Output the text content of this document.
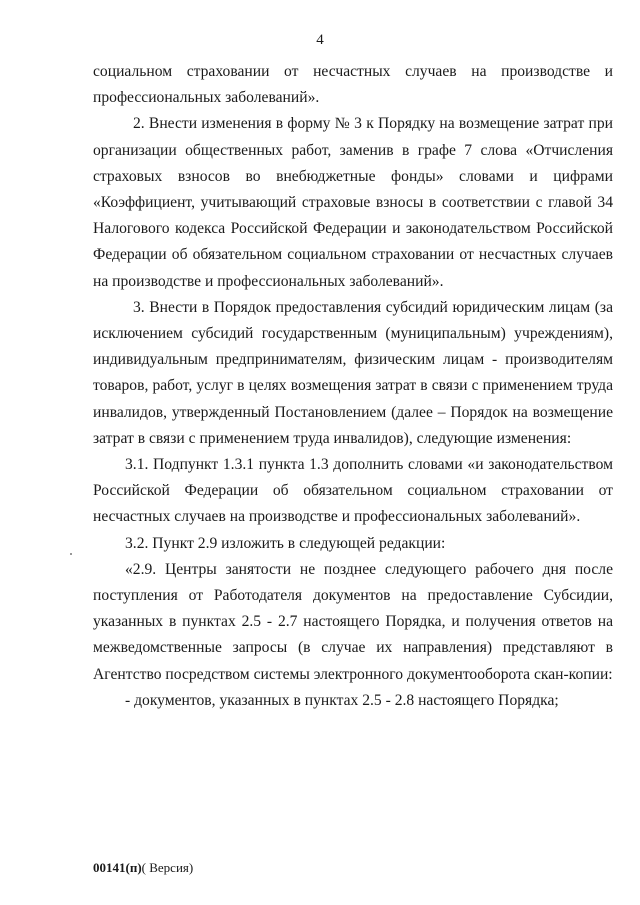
4

социальном страховании от несчастных случаев на производстве и профессиональных заболеваний».

2. Внести изменения в форму № 3 к Порядку на возмещение затрат при организации общественных работ, заменив в графе 7 слова «Отчисления страховых взносов во внебюджетные фонды» словами и цифрами «Коэффициент, учитывающий страховые взносы в соответствии с главой 34 Налогового кодекса Российской Федерации и законодательством Российской Федерации об обязательном социальном страховании от несчастных случаев на производстве и профессиональных заболеваний».

3. Внести в Порядок предоставления субсидий юридическим лицам (за исключением субсидий государственным (муниципальным) учреждениям), индивидуальным предпринимателям, физическим лицам - производителям товаров, работ, услуг в целях возмещения затрат в связи с применением труда инвалидов, утвержденный Постановлением (далее – Порядок на возмещение затрат в связи с применением труда инвалидов), следующие изменения:

3.1. Подпункт 1.3.1 пункта 1.3 дополнить словами «и законодательством Российской Федерации об обязательном социальном страховании от несчастных случаев на производстве и профессиональных заболеваний».

3.2. Пункт 2.9 изложить в следующей редакции:

«2.9. Центры занятости не позднее следующего рабочего дня после поступления от Работодателя документов на предоставление Субсидии, указанных в пунктах 2.5 - 2.7 настоящего Порядка, и получения ответов на межведомственные запросы (в случае их направления) представляют в Агентство посредством системы электронного документооборота скан-копии:

- документов, указанных в пунктах 2.5 - 2.8 настоящего Порядка;

00141(п)( Версия)
